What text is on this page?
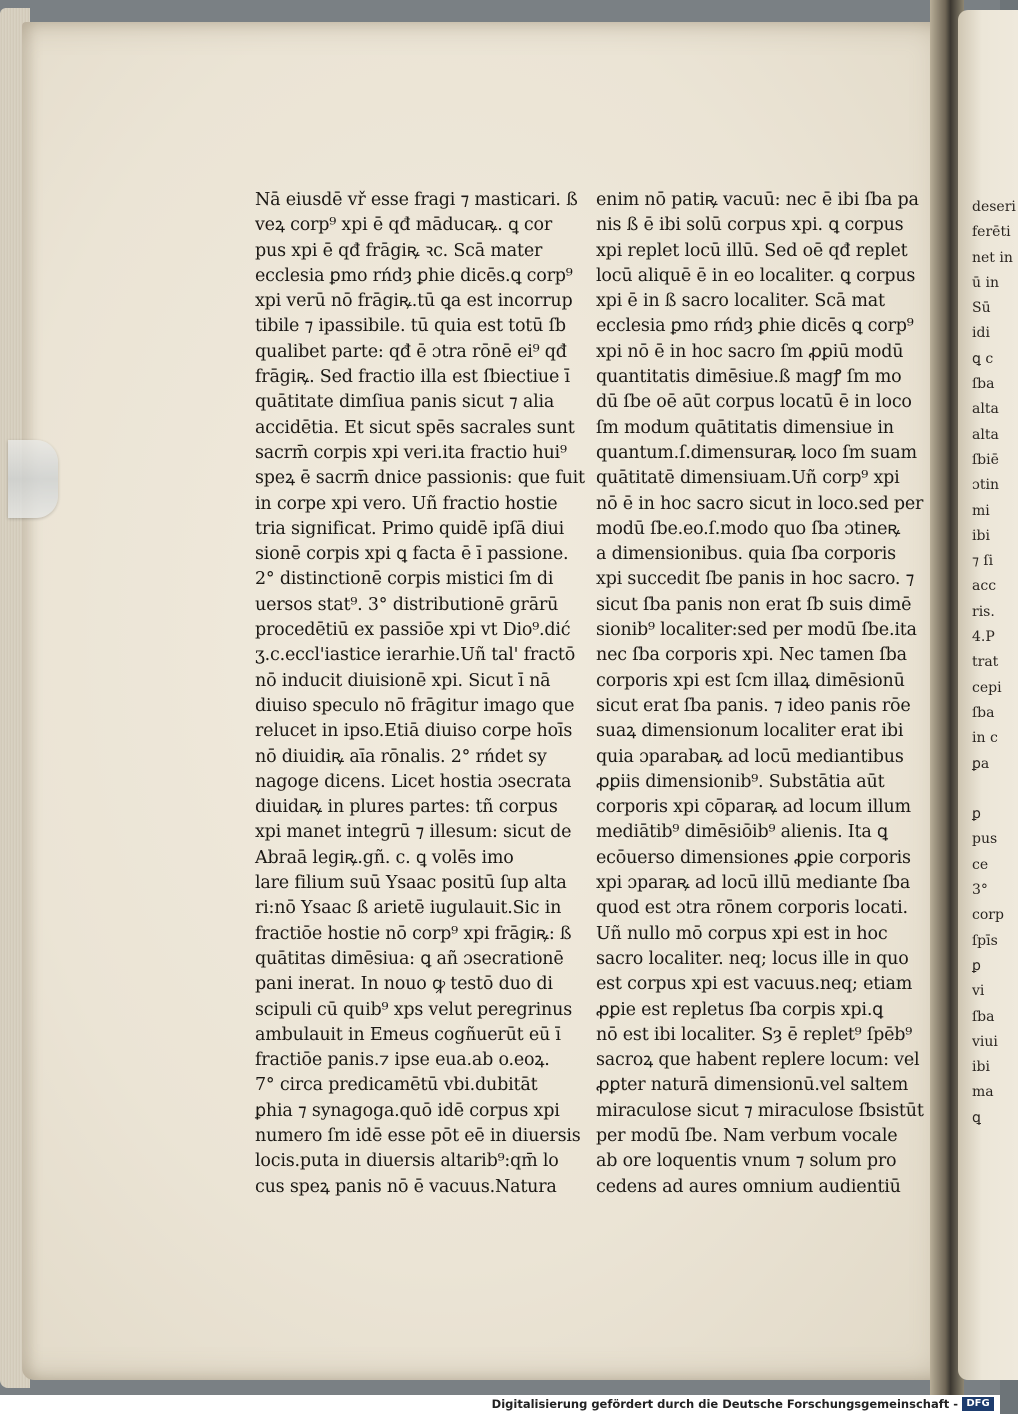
Nā eiusdē vř esse fragi ⁊ masticari. ß
veꝝ corp⁹ xpi ē qđ māducaꝶ. ꝗ cor
pus xpi ē qđ frāgiꝶ ꝛc. Scā mater
ecclesia ꝑmo rńdȝ ꝑhie dicēs.ꝗ corp⁹
xpi verū nō frāgiꝶ.tū ꝗa est incorrup
tibile ⁊ ipassibile. tū quia est totū ſb
qualibet parte: qđ ē ɔtra rōnē ei⁹ qđ
frāgiꝶ. Sed fractio illa est ſbiectiue ī
quātitate dimſiua panis sicut ⁊ alia
accidētia. Et sicut spēs sacrales sunt
sacrm̄ corpis xpi veri.ita fractio hui⁹
speꝝ ē sacrm̄ dnice passionis: que fuit
in corpe xpi vero. Uñ fractio hostie
tria significat. Primo quidē ipſā diui
sionē corpis xpi ꝗ facta ē ī passione.
2° distinctionē corpis mistici ſm di
uersos stat⁹. 3° distributionē grārū
procedētiū ex passiōe xpi vt Dio⁹.dić
ʒ.c.eccl'iastice ierarhie.Uñ tal' fractō
nō inducit diuisionē xpi. Sicut ī nā
diuiso speculo nō frāgitur imago que
relucet in ipso.Etiā diuiso corpe hoīs
nō diuidiꝶ aīa rōnalis. 2° rńdet sy
nagoge dicens. Licet hostia ɔsecrata
diuidaꝶ in plures partes: tñ corpus
xpi manet integrū ⁊ illesum: sicut de
Abraā legiꝶ.gñ. c. ꝗ volēs imo
lare filium suū Ysaac positū ſup alta
ri:nō Ysaac ß arietē iugulauit.Sic in
fractiōe hostie nō corp⁹ xpi frāgiꝶ: ß
quātitas dimēsiua: ꝗ añ ɔsecrationē
pani inerat. In nouo ꝙ testō duo di
scipuli cū quib⁹ xps velut peregrinus
ambulauit in Emeus cogñuerūt eū ī
fractiōe panis.⁊ ipse eua.ab o.eoꝝ.
7° circa predicamētū vbi.dubitāt
ꝑhia ⁊ synagoga.quō idē corpus xpi
numero ſm idē esse pōt eē in diuersis
locis.puta in diuersis altarib⁹:qm̄ lo
cus speꝝ panis nō ē vacuus.Natura
enim nō patiꝶ vacuū: nec ē ibi ſba pa
nis ß ē ibi solū corpus xpi. ꝗ corpus
xpi replet locū illū. Sed oē qđ replet
locū aliquē ē in eo localiter. ꝗ corpus
xpi ē in ß sacro localiter. Scā mat
ecclesia ꝑmo rńdȝ ꝑhie dicēs ꝗ corp⁹
xpi nō ē in hoc sacro ſm ꝓꝑiū modū
quantitatis dimēsiue.ß magꝭ ſm mo
dū ſbe oē aūt corpus locatū ē in loco
ſm modum quātitatis dimensiue in
quantum.ſ.dimensuraꝶ loco ſm suam
quātitatē dimensiuam.Uñ corp⁹ xpi
nō ē in hoc sacro sicut in loco.sed per
modū ſbe.eo.ſ.modo quo ſba ɔtineꝶ
a dimensionibus. quia ſba corporis
xpi succedit ſbe panis in hoc sacro. ⁊
sicut ſba panis non erat ſb suis dimē
sionib⁹ localiter:sed per modū ſbe.ita
nec ſba corporis xpi. Nec tamen ſba
corporis xpi est ſcm illaꝝ dimēsionū
sicut erat ſba panis. ⁊ ideo panis rōe
suaꝝ dimensionum localiter erat ibi
quia ɔparabaꝶ ad locū mediantibus
ꝓꝑiis dimensionib⁹. Substātia aūt
corporis xpi cōparaꝶ ad locum illum
mediātib⁹ dimēsiōib⁹ alienis. Ita ꝗ
ecōuerso dimensiones ꝓꝑie corporis
xpi ɔparaꝶ ad locū illū mediante ſba
quod est ɔtra rōnem corporis locati.
Uñ nullo mō corpus xpi est in hoc
sacro localiter. neq; locus ille in quo
est corpus xpi est vacuus.neq; etiam
ꝓꝑie est repletus ſba corpis xpi.ꝗ
nō est ibi localiter. Sȝ ē replet⁹ ſpēb⁹
sacroꝝ que habent replere locum: vel
ꝓꝑter naturā dimensionū.vel saltem
miraculose sicut ⁊ miraculose ſbsistūt
per modū ſbe. Nam verbum vocale
ab ore loquentis vnum ⁊ solum pro
cedens ad aures omnium audientiū
deseri
ferēti
net in
ū in
Sū
idi
ꝗ c
ſba
alta
alta
ſbiē
ɔtin
mi
ibi
⁊ ſi
acc
ris.
4.P
trat
cepi
ſba
in c
ꝑa
ꝑ
pus
ce
3°
corp
ſpīs
ꝑ
vi
ſba
viui
ibi
ma
ꝗ
Digitalisierung gefördert durch die Deutsche Forschungsgemeinschaft - DFG
